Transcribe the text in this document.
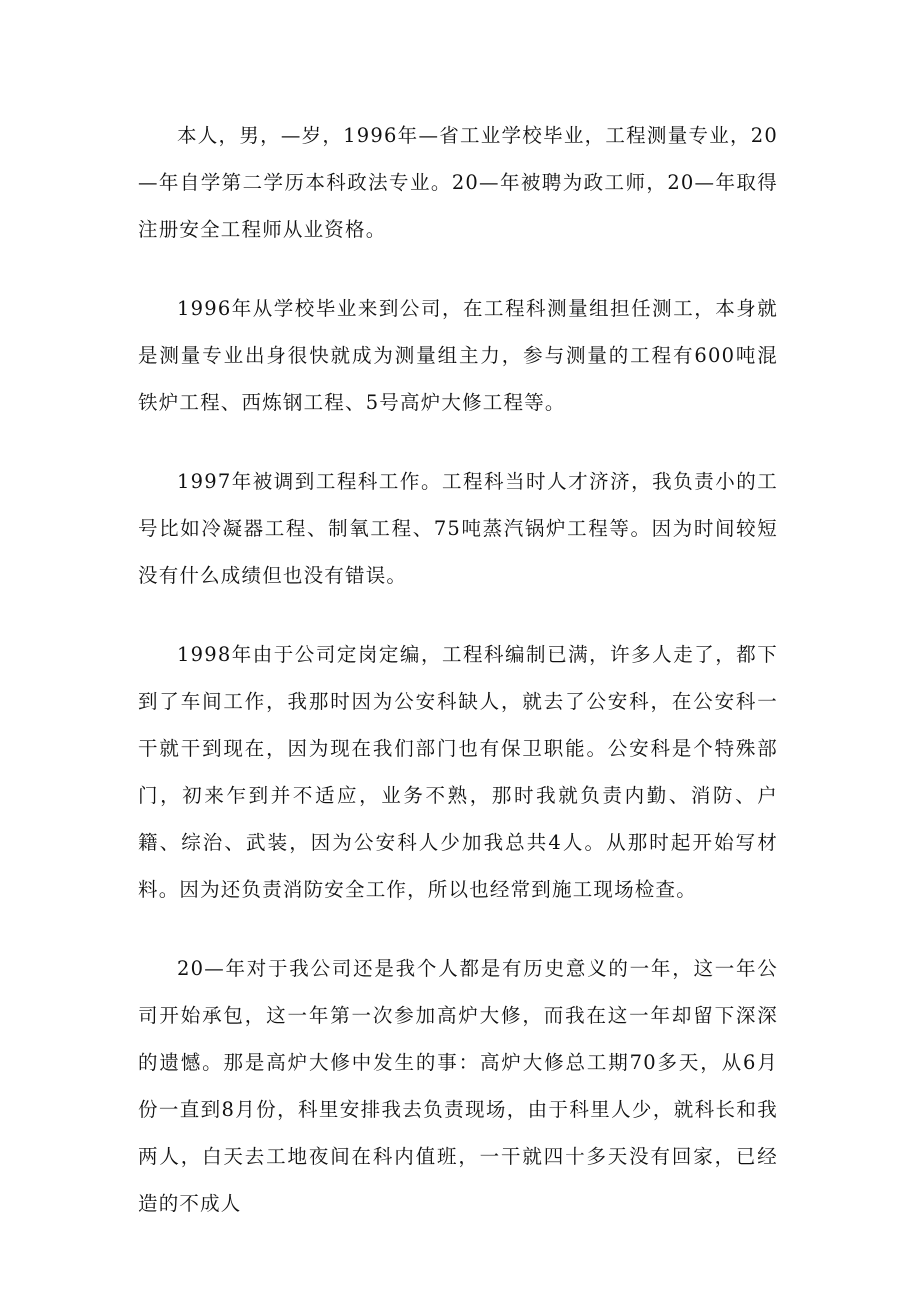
本人，男，—岁，1996年—省工业学校毕业，工程测量专业，20—年自学第二学历本科政法专业。20—年被聘为政工师，20—年取得注册安全工程师从业资格。

1996年从学校毕业来到公司，在工程科测量组担任测工，本身就是测量专业出身很快就成为测量组主力，参与测量的工程有600吨混铁炉工程、西炼钢工程、5号高炉大修工程等。

1997年被调到工程科工作。工程科当时人才济济，我负责小的工号比如冷凝器工程、制氧工程、75吨蒸汽锅炉工程等。因为时间较短没有什么成绩但也没有错误。

1998年由于公司定岗定编，工程科编制已满，许多人走了，都下到了车间工作，我那时因为公安科缺人，就去了公安科，在公安科一干就干到现在，因为现在我们部门也有保卫职能。公安科是个特殊部门，初来乍到并不适应，业务不熟，那时我就负责内勤、消防、户籍、综治、武装，因为公安科人少加我总共4人。从那时起开始写材料。因为还负责消防安全工作，所以也经常到施工现场检查。

20—年对于我公司还是我个人都是有历史意义的一年，这一年公司开始承包，这一年第一次参加高炉大修，而我在这一年却留下深深的遗憾。那是高炉大修中发生的事：高炉大修总工期70多天，从6月份一直到8月份，科里安排我去负责现场，由于科里人少，就科长和我两人，白天去工地夜间在科内值班，一干就四十多天没有回家，已经造的不成人
